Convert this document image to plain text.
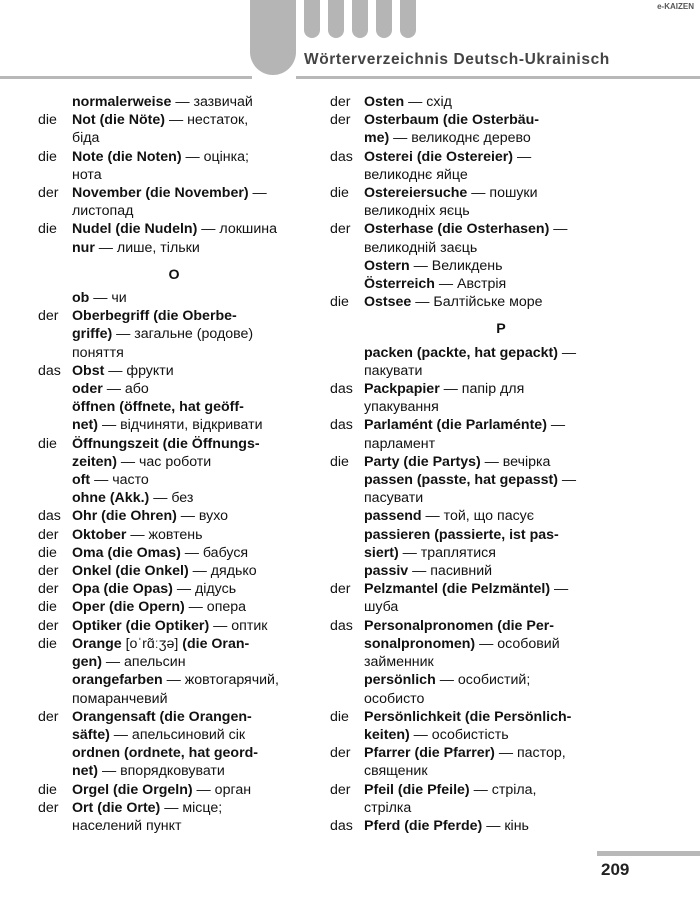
Wörterverzeichnis Deutsch-Ukrainisch
e-KAIZEN
normalerweise — зазвичай
die Not (die Nöte) — нестаток,
біда
die Note (die Noten) — оцінка;
нота
der November (die November) —
листопад
die Nudel (die Nudeln) — локшина
nur — лише, тільки
O
ob — чи
der Oberbegriff (die Oberbe-
griffe) — загальне (родове)
поняття
das Obst — фрукти
oder — або
öffnen (öffnete, hat geöff-
net) — відчиняти, відкривати
die Öffnungszeit (die Öffnungs-
zeiten) — час роботи
oft — часто
ohne (Akk.) — без
das Ohr (die Ohren) — вухо
der Oktober — жовтень
die Oma (die Omas) — бабуся
der Onkel (die Onkel) — дядько
der Opa (die Opas) — дідусь
die Oper (die Opern) — опера
der Optiker (die Optiker) — оптик
die Orange [oˈrɑ̃ːʒə] (die Oran-
gen) — апельсин
orangefarben — жовтогарячий,
помаранчевий
der Orangensaft (die Orangen-
säfte) — апельсиновий сік
ordnen (ordnete, hat geord-
net) — впорядковувати
die Orgel (die Orgeln) — орган
der Ort (die Orte) — місце;
населений пункт
der Osten — схід
der Osterbaum (die Osterbäu-
me) — великоднє дерево
das Osterei (die Ostereier) —
великоднє яйце
die Ostereiersuche — пошуки
великодніх яєць
der Osterhase (die Osterhasen) —
великодній заєць
Ostern — Великдень
Österreich — Австрія
die Ostsee — Балтійське море
P
packen (packte, hat gepackt) —
пакувати
das Packpapier — папір для
упакування
das Parlamént (die Parlaménte) —
парламент
die Party (die Partys) — вечірка
passen (passte, hat gepasst) —
пасувати
passend — той, що пасує
passieren (passierte, ist pas-
siert) — траплятися
passiv — пасивний
der Pelzmantel (die Pelzmäntel) —
шуба
das Personalpronomen (die Per-
sonalpronomen) — особовий
займенник
persönlich — особистий;
особисто
die Persönlichkeit (die Persönlich-
keiten) — особистість
der Pfarrer (die Pfarrer) — пастор,
священик
der Pfeil (die Pfeile) — стріла,
стрілка
das Pferd (die Pferde) — кінь
209
